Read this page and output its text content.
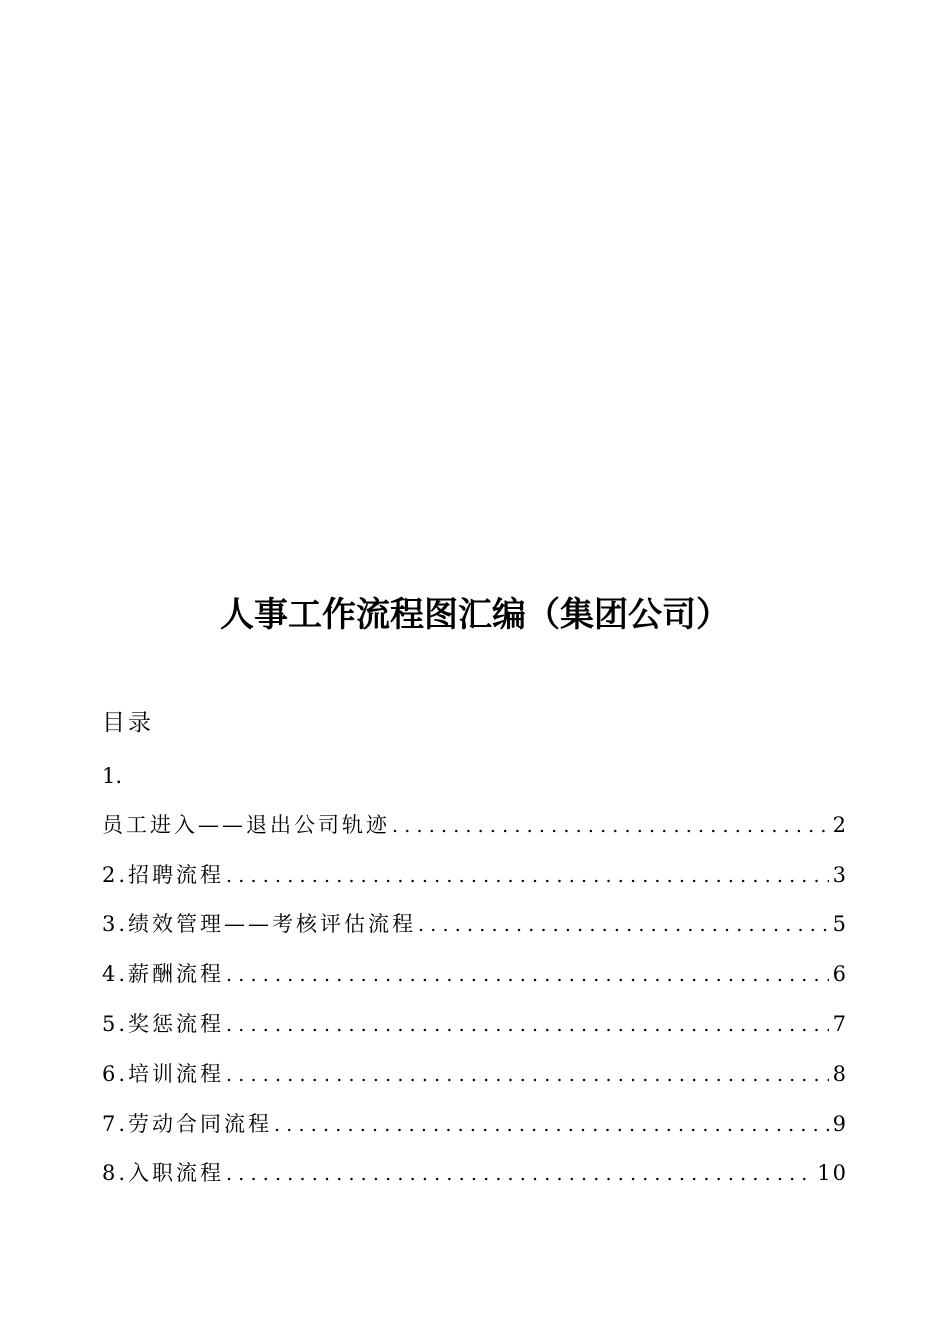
人事工作流程图汇编（集团公司）
目录
1.
员工进入——退出公司轨迹 .....	2
2.招聘流程 .....	3
3.绩效管理——考核评估流程 .....	5
4.薪酬流程 .....	6
5.奖惩流程 .....	7
6.培训流程 .....	8
7.劳动合同流程 .....	9
8.入职流程 .....	10
